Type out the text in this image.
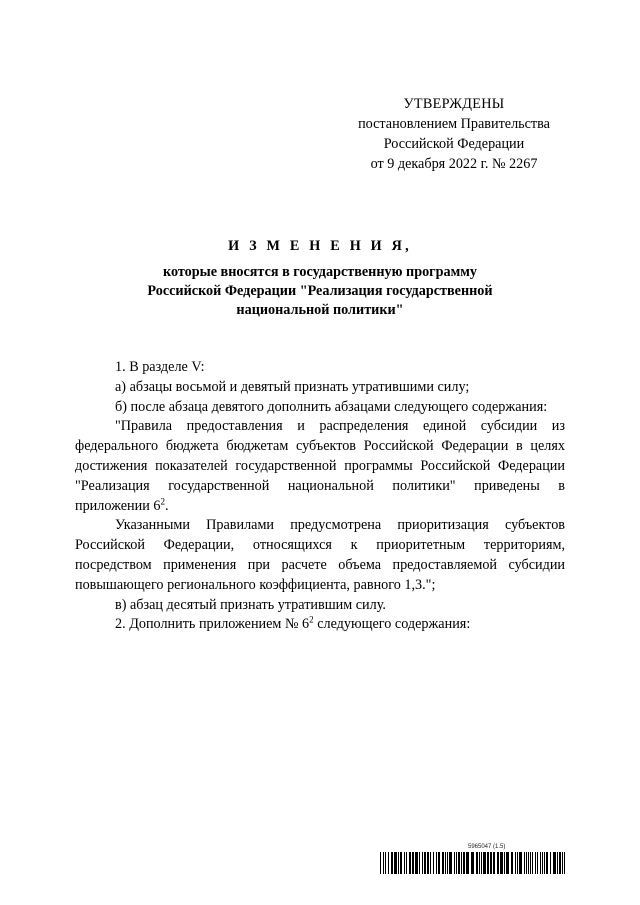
УТВЕРЖДЕНЫ
постановлением Правительства
Российской Федерации
от 9 декабря 2022 г. № 2267
И З М Е Н Е Н И Я,
которые вносятся в государственную программу
Российской Федерации "Реализация государственной
национальной политики"

1. В разделе V:

а) абзацы восьмой и девятый признать утратившими силу;

б) после абзаца девятого дополнить абзацами следующего содержания:

"Правила предоставления и распределения единой субсидии из федерального бюджета бюджетам субъектов Российской Федерации в целях достижения показателей государственной программы Российской Федерации "Реализация государственной национальной политики" приведены в приложении $6^2$.

Указанными Правилами предусмотрена приоритизация субъектов Российской Федерации, относящихся к приоритетным территориям, посредством применения при расчете объема предоставляемой субсидии повышающего регионального коэффициента, равного 1,3.";

в) абзац десятый признать утратившим силу.

2. Дополнить приложением № $6^2$ следующего содержания:

5965047 (1.5)
